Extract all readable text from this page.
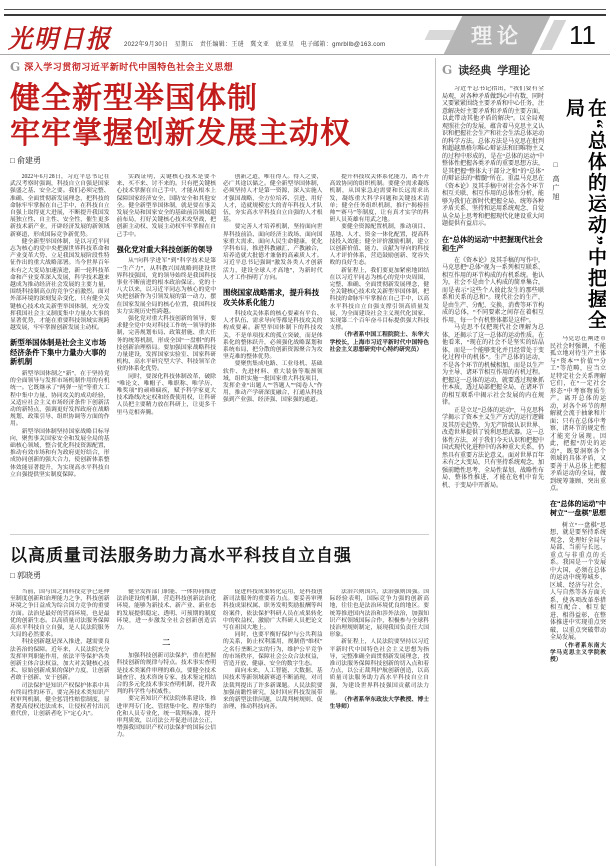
光明日报 2022年9月30日　星期五　责任编辑：王琎　冀文亚　底亚星　电子邮箱：gmrbllb@163.com	理论	11
G 深入学习贯彻习近平新时代中国特色社会主义思想
健全新型举国体制
牢牢掌握创新发展主动权
□ 俞建勇

2022年6月28日，习近平总书记在武汉考察时强调，科技自立自强是国家强盛之基、安全之要。我们必须完整、准确、全面贯彻新发展理念，把科技的命脉牢牢掌握在自己手中，在科技自立自强上取得更大进展，不断提升我国发展独立性、自主性、安全性，催生更多新技术新产业，开辟经济发展的新领域新赛道，形成国际竞争新优势。

健全新型举国体制，是以习近平同志为核心的党中央把握世界科技革命和产业变革大势、立足我国发展阶段性特征作出的重大战略部署。当今世界百年未有之大变局加速演进，新一轮科技革命和产业变革深入发展，科学技术越来越成为推动经济社会发展的主要力量，围绕科技制高点的竞争空前激烈。面对外部环境的深刻复杂变化，只有健全关键核心技术攻关新型举国体制，充分发挥我国社会主义制度集中力量办大事的显著优势，才能在重要科技领域实现跨越发展，牢牢掌握创新发展主动权。

新型举国体制是社会主义市场经济条件下集中力量办大事的新机制

新型举国体制之“新”，在于坚持党的全面领导与发挥市场机制作用的有机统一。它既继承了“两弹一星”等重大工程中集中力量、协同攻关的成功经验，又适应社会主义市场经济条件下创新活动的新特点，强调更好发挥政府在战略规划、政策引导、组织协调等方面的作用。

新型举国体制坚持国家战略目标导向，聚焦事关国家安全和发展全局的基础核心领域，整合优化科技资源配置，推动有效市场和有为政府更好结合，形成协同创新的强大合力，使创新体系整体效能显著提升，为实现高水平科技自立自强提供坚实制度保障。

实践证明，关键核心技术是要不来、买不来、讨不来的。只有把关键核心技术掌握在自己手中，才能从根本上保障国家经济安全、国防安全和其他安全。健全新型举国体制，就是要在事关发展全局和国家安全的基础前沿领域超前布局，打好关键核心技术攻坚战，把创新主动权、发展主动权牢牢掌握在自己手中。

强化党对重大科技创新的领导

从“向科学进军”到“科学技术是第一生产力”，从科教兴国战略到建设世界科技强国，党的领导始终是我国科技事业不断前进的根本政治保证。党的十八大以来，以习近平同志为核心的党中央把创新作为引领发展的第一动力，摆在国家发展全局的核心位置，我国科技实力实现历史性跨越。

强化党对重大科技创新的领导，要求健全党中央对科技工作统一领导的体制，完善规划布局、政策措施、重大任务的统筹机制，形成全国“一盘棋”的科技创新治理格局。要加强国家战略科技力量建设，发挥国家实验室、国家科研机构、高水平研究型大学、科技领军企业的体系化优势。

同时，要深化科技体制改革，破除“唯论文、唯帽子、唯职称、唯学历、唯奖项”的顽瘴痼疾，赋予科学家更大技术路线决定权和经费使用权，让科研人员把主要精力放在科研上，让更多千里马竞相奔腾。

创新之道，唯在得人。得人之要，必广其途以储之。健全新型举国体制，必须坚持人才是第一资源，深入实施人才强国战略，全方位培养、引进、用好人才，造就规模宏大的青年科技人才队伍，夯实高水平科技自立自强的人才根基。

要完善人才培养机制，坚持面向世界科技前沿、面向经济主战场、面向国家重大需求、面向人民生命健康，优化学科布局，推进科教融汇、产教融合，培养造就大批德才兼备的高素质人才。习近平总书记强调“激发各类人才创新活力，建设全球人才高地”，为新时代人才工作指明了方向。

围绕国家战略需求，提升科技攻关体系化能力

科技攻关体系的核心要素有平台、人才队伍、需求导向等都是科技攻关的构成要素。新型举国体制下的科技攻关，不是单项技术的孤立突破，而是体系化的整体跃升，必须强化战略谋划和系统布局，把分散的创新资源聚合为攻坚克难的整体优势。

要聚焦集成电路、工业母机、基础软件、先进材料、重大装备等瓶颈领域，组织实施一批国家重大科技项目，发挥企业“出题人”“答题人”“阅卷人”作用，推动产学研深度融合，打通从科技强到产业强、经济强、国家强的通道。

提升科技攻关体系化能力，离不开高效协同的组织机制。要健全需求凝练机制，从国家急迫需要和长远需求出发，凝练重大科学问题和关键技术清单；健全任务组织机制，推行“揭榜挂帅”“赛马”等制度，让有真才实学的科研人员英雄有用武之地。

要健全资源配置机制，推动项目、基地、人才、资金一体化配置，提高科技投入效能；健全评价激励机制，建立以创新价值、能力、贡献为导向的科技人才评价体系，营造鼓励创新、宽容失败的良好生态。

新征程上，我们要更加紧密地团结在以习近平同志为核心的党中央周围，完整、准确、全面贯彻新发展理念，健全关键核心技术攻关新型举国体制，把科技的命脉牢牢掌握在自己手中，以高水平科技自立自强支撑引领高质量发展，为全面建设社会主义现代化国家、实现第二个百年奋斗目标提供强大科技支撑。

（作者系中国工程院院士、东华大学校长，上海市习近平新时代中国特色社会主义思想研究中心特约研究员）

以高质量司法服务助力高水平科技自立自强
□ 郭晓勇

当前，国与国之间科技竞争已延伸至制度创新和治理能力之争，科技创新环境之争日益成为综合国力竞争的重要方面。法治是最好的营商环境，也是最优的创新生态。以高质量司法服务保障高水平科技自立自强，是人民法院服务大局的必然要求。

科技创新越是深入推进，越需要良法善治的保障。近年来，人民法院充分发挥审判职能作用，依法平等保护各类创新主体合法权益，加大对关键核心技术、原始创新成果的保护力度，让创新者敢于创新、安于创新。

司法保护是知识产权保护体系中具有终局性的环节。要完善技术类知识产权审判机制，健全惩罚性赔偿制度，显著提高侵权违法成本，让侵权者付出沉重代价，让创新者吃下“定心丸”。

健全发挥部门职能、一体协同推进法治建设的机制，营造科技创新法治化环境，能够为新技术、新产业、新业态的发展提供稳定、透明、可预期的制度环境，进一步激发全社会创新创造活力。

二

加强科技创新司法保护，重在把握科技创新的规律与特点。技术事实查明是技术类案件审理的难点，要健全技术调查官、技术咨询专家、技术鉴定相结合的多元化技术事实查明机制，提升裁判的科学性与权威性。

要完善知识产权法院体系建设，推进审判专门化、管辖集中化、程序集约化和人员专业化，统一裁判标准，提升审判质效，以司法公开促进司法公正，增强我国知识产权司法保护的国际公信力。

促进科技成果转化运用，是科技创新司法服务的重要着力点。要妥善审理科技成果权属、职务发明奖励报酬等纠纷案件，依法保护科研人员在成果转化中的收益权，激励广大科研人员把论文写在祖国大地上。

同时，也要平衡好保护与公共利益的关系，防止权利滥用，规制借“维权”之名行垄断之实的行为，维护公平竞争的市场秩序，保障社会公众合法权益，营造开放、健康、安全的数字生态。

面向未来，人工智能、大数据、基因技术等新领域新赛道不断涌现，对司法裁判提出了许多新课题。人民法院要加强前瞻性研究，及时回应科技发展带来的新型法律问题，以裁判树规则、促治理，推动科技向善。

法治兴则国兴，法治强则国强。国际经验表明，国际竞争力强的创新高地，往往也是法治环境优良的地区。要统筹推进国内法治和涉外法治，加强知识产权领域国际合作，积极参与全球科技治理规则制定，展现我国负责任大国形象。

新征程上，人民法院要坚持以习近平新时代中国特色社会主义思想为指导，完整准确全面贯彻新发展理念，找准司法服务保障科技创新的切入点和着力点，以公正裁判护航创新创造，以高质量司法服务助力高水平科技自立自强，为建设世界科技强国贡献司法力量。

（作者系华东政法大学教授、博士生导师）

G 读经典 学理论

习近平总书记指出，“我们要有全局观，对各种矛盾做到心中有数，同时又要紧紧围绕主要矛盾和中心任务，注意解决好主要矛盾和矛盾的主要方面，以此带动其他矛盾的解决”。以全局观观照社会的发展，蕴含着马克思主义认识和把握社会生产和社会生活总体运动的科学方法。总体方法是马克思在批判和超越黑格尔唯心辩证法和旧唯物主义的过程中形成的，是在“总体的运动”中整体性把握各类矛盾的重要思想方法，是其把握“整体大于部分之和”的“总体”的辩证法的“精髓”所在。重温马克思在《资本论》及其手稿中对社会各个环节相互关联、相互作用的总体性分析，能够为我们在新时代把握全局、统筹各种矛盾关系、坚持和运用系统观念、自觉从全局上思考和把握现代化建设重大问题提供有益启示。

在“总体的运动”中把握现代社会和生产

在《资本论》及其手稿的写作中，马克思把“总体”视为一系列相互联系、相互作用的环节构成的有机系统。他认为，社会不是由个人构成的简单集合，而是表示“这些个人彼此发生的那些联系和关系的总和”。现代社会的生产，是由生产、分配、交换、消费等环节构成的总体，“不同要素之间存在着相互作用，每一个有机整体都是这样”。

马克思不仅把现代社会理解为总体，还揭示了这一总体的运动性质。在他看来，“现在的社会不是坚实的结晶体，而是一个能够变化并且经常处于变化过程中的机体”。生产总体的运动，不是各个环节的机械相加，而是以生产为主导、诸环节相互作用的有机过程。把握这一总体的运动，就要透过现象抓住本质，透过局部把握全局，在诸环节的相互联系中揭示社会发展的内在规律。

正是立足“总体的运动”，马克思科学揭示了资本主义生产方式的运行逻辑及其历史趋势，为无产阶级认识世界、改造世界提供了锐利思想武器。这一总体性方法，对于我们今天认识和把握中国式现代化进程中的各种重大关系，仍然具有重要方法论意义。面对世界百年未有之大变局，只有坚持系统观念，加强前瞻性思考、全局性谋划、战略性布局、整体性推进，才能在危机中育先机、于变局中开新局。

□ 高广旭	在“总体的运动”中把握全局

马克思在阐述市民社会时强调，不能孤立地对待生产主体与“资本”“价值”“分工”等范畴，应当立足特定社会关系理解它们，在“一定社会形态”中考察物质生产。离开总体的运动，对各个环节的理解就会流于抽象和片面；只有在总体中考察，诸环节的规定性才能充分展现。因此，把握“历史的运动”，既要洞察各个领域的具体矛盾，又要善于从总体上把握矛盾运动的全局，做到统筹兼顾、突出重点。

在“总体的运动”中树立“一盘棋”思想

树立“一盘棋”思想，就是要坚持系统观念，处理好全局与局部、当前与长远、重点与非重点的关系。我国是一个发展中大国，必须在总体的运动中统筹城乡、区域、经济与社会、人与自然等各方面关系，使各项改革举措相互配合、相互促进、相得益彰，在整体推进中实现重点突破，以重点突破带动全局发展。

（作者系东南大学马克思主义学院教授）
